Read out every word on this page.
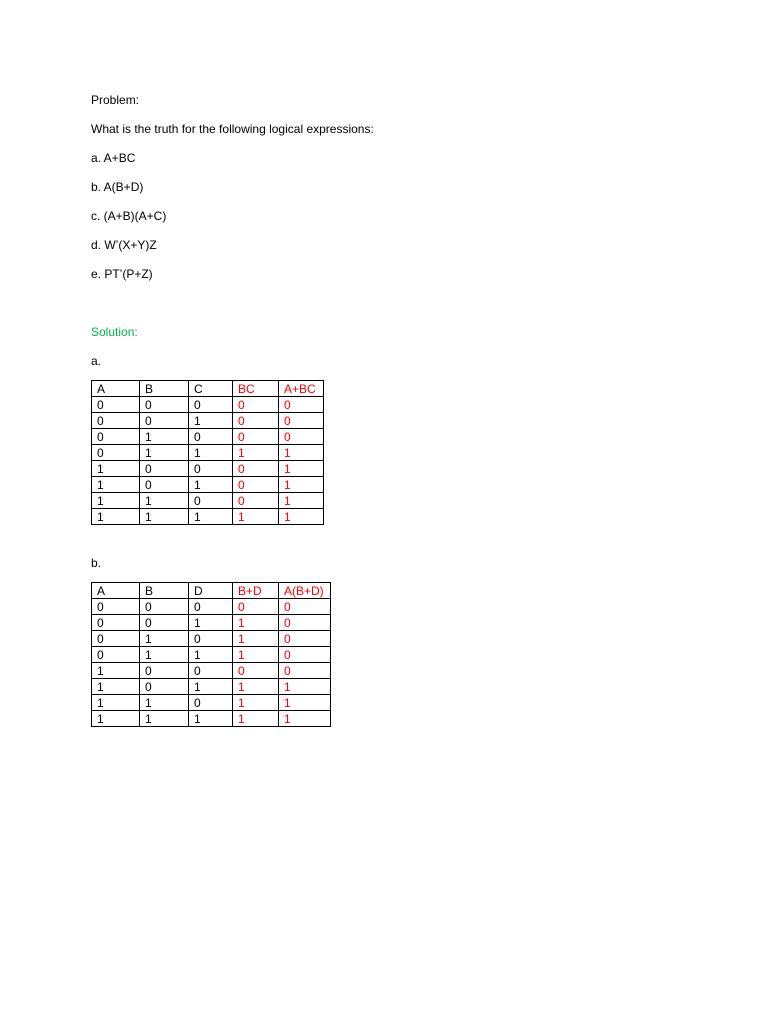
Problem:

What is the truth for the following logical expressions:

a. A+BC

b. A(B+D)

c. (A+B)(A+C)

d. W’(X+Y)Z

e. PT’(P+Z)

Solution:

a.

A	B	C	BC	A+BC
0	0	0	0	0
0	0	1	0	0
0	1	0	0	0
0	1	1	1	1
1	0	0	0	1
1	0	1	0	1
1	1	0	0	1
1	1	1	1	1

b.

A	B	D	B+D	A(B+D)
0	0	0	0	0
0	0	1	1	0
0	1	0	1	0
0	1	1	1	0
1	0	0	0	0
1	0	1	1	1
1	1	0	1	1
1	1	1	1	1
